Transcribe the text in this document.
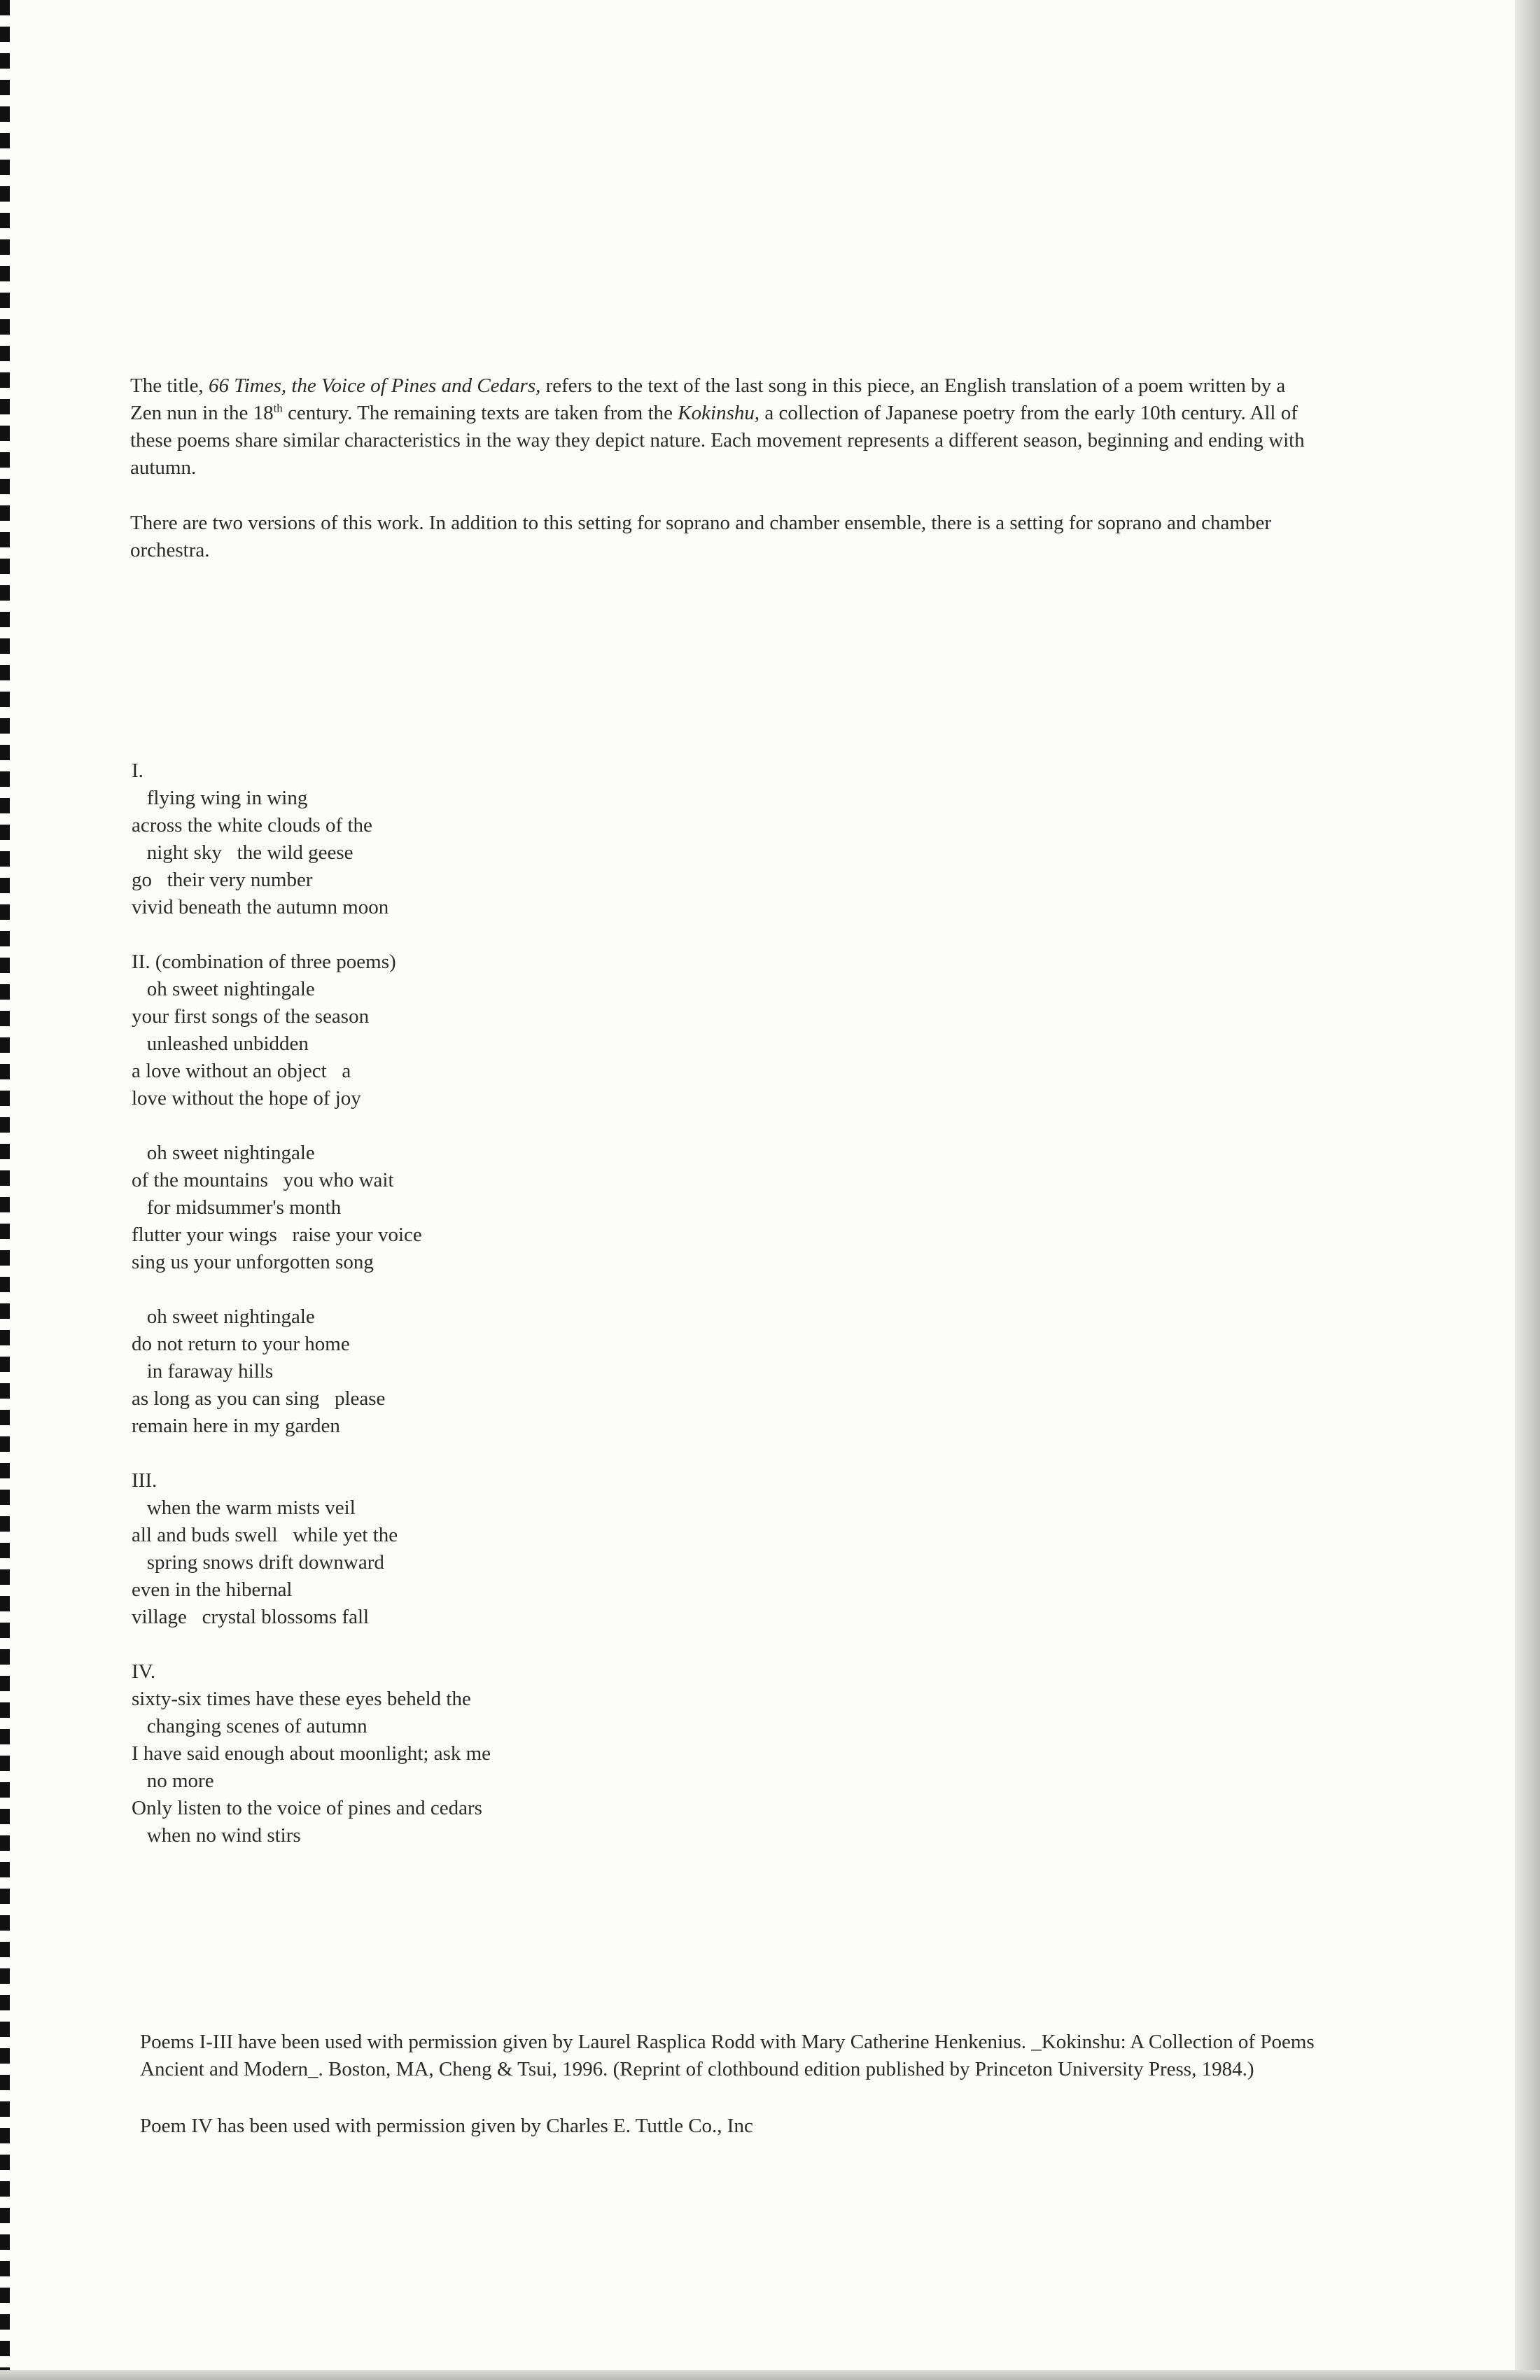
The title, 66 Times, the Voice of Pines and Cedars, refers to the text of the last song in this piece, an English translation of a poem written by a Zen nun in the 18th century. The remaining texts are taken from the Kokinshu, a collection of Japanese poetry from the early 10th century. All of these poems share similar characteristics in the way they depict nature. Each movement represents a different season, beginning and ending with autumn.

There are two versions of this work. In addition to this setting for soprano and chamber ensemble, there is a setting for soprano and chamber orchestra.

I.
flying wing in wing
across the white clouds of the
night sky   the wild geese
go   their very number
vivid beneath the autumn moon
II. (combination of three poems)
oh sweet nightingale
your first songs of the season
unleashed unbidden
a love without an object   a
love without the hope of joy
oh sweet nightingale
of the mountains   you who wait
for midsummer's month
flutter your wings   raise your voice
sing us your unforgotten song
oh sweet nightingale
do not return to your home
in faraway hills
as long as you can sing   please
remain here in my garden
III.
when the warm mists veil
all and buds swell   while yet the
spring snows drift downward
even in the hibernal
village   crystal blossoms fall
IV.
sixty-six times have these eyes beheld the
changing scenes of autumn
I have said enough about moonlight; ask me
no more
Only listen to the voice of pines and cedars
when no wind stirs

Poems I-III have been used with permission given by Laurel Rasplica Rodd with Mary Catherine Henkenius. _Kokinshu: A Collection of Poems Ancient and Modern_. Boston, MA, Cheng & Tsui, 1996. (Reprint of clothbound edition published by Princeton University Press, 1984.)

Poem IV has been used with permission given by Charles E. Tuttle Co., Inc
